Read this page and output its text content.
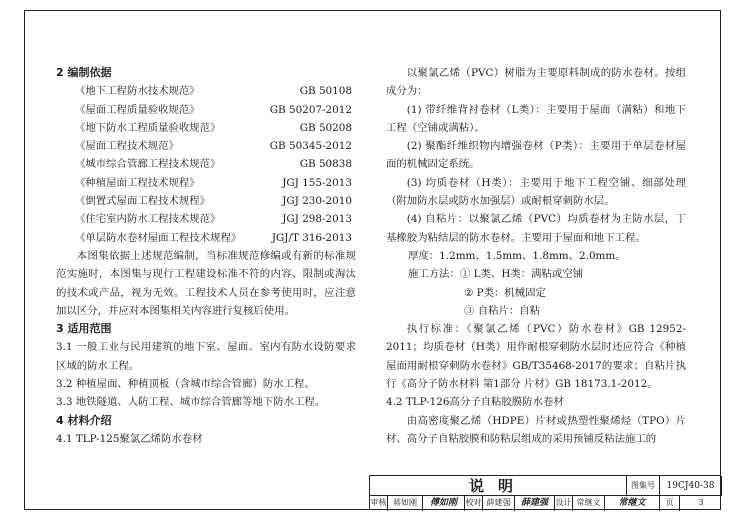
2 编制依据
《地下工程防水技术规范》	GB 50108
《屋面工程质量验收规范》	GB 50207-2012
《地下防水工程质量验收规范》	GB 50208
《屋面工程技术规范》	GB 50345-2012
《城市综合管廊工程技术规范》	GB 50838
《种植屋面工程技术规程》	JGJ 155-2013
《倒置式屋面工程技术规程》	JGJ 230-2010
《住宅室内防水工程技术规范》	JGJ 298-2013
《单层防水卷材屋面工程技术规程》	JGJ/T 316-2013
本图集依据上述规范编制，当标准规范修编或有新的标准规范实施时，本图集与现行工程建设标准不符的内容、限制或淘汰的技术或产品，视为无效。工程技术人员在参考使用时，应注意加以区分，并应对本图集相关内容进行复核后使用。
3 适用范围
3.1 一般工业与民用建筑的地下室、屋面、室内有防水设防要求区域的防水工程。
3.2 种植屋面、种植顶板（含城市综合管廊）防水工程。
3.3 地铁隧道、人防工程、城市综合管廊等地下防水工程。
4 材料介绍
4.1 TLP-125聚氯乙烯防水卷材
以聚氯乙烯（PVC）树脂为主要原料制成的防水卷材。按组成分为：
(1) 带纤维背衬卷材（L类）：主要用于屋面（满粘）和地下工程（空铺或满粘）。
(2) 聚酯纤维织物内增强卷材（P类）：主要用于单层卷材屋面的机械固定系统。
(3) 均质卷材（H类）：主要用于地下工程空铺、细部处理（附加防水层或防水加强层）或耐根穿刺防水层。
(4) 自粘片：以聚氯乙烯（PVC）均质卷材为主防水层，丁基橡胶为粘结层的防水卷材。主要用于屋面和地下工程。
厚度：1.2mm、1.5mm、1.8mm、2.0mm。
施工方法：① L类、H类：满粘或空铺
② P类：机械固定
③ 自粘片：自粘
执行标准：《聚氯乙烯（PVC）防水卷材》GB 12952-2011；均质卷材（H类）用作耐根穿刺防水层时还应符合《种植屋面用耐根穿刺防水卷材》GB/T35468-2017的要求；自粘片执行《高分子防水材料 第1部分 片材》GB 18173.1-2012。
4.2 TLP-126高分子自粘胶膜防水卷材
由高密度聚乙烯（HDPE）片材或热塑性聚烯烃（TPO）片材、高分子自粘胶膜和防粘层组成的采用预铺反粘法施工的
说明	图集号	19CJ40-38
审核 蒋如刚	傅如刚	校对 薛建强	薛建强 设计 常继文	常继文	页	3
